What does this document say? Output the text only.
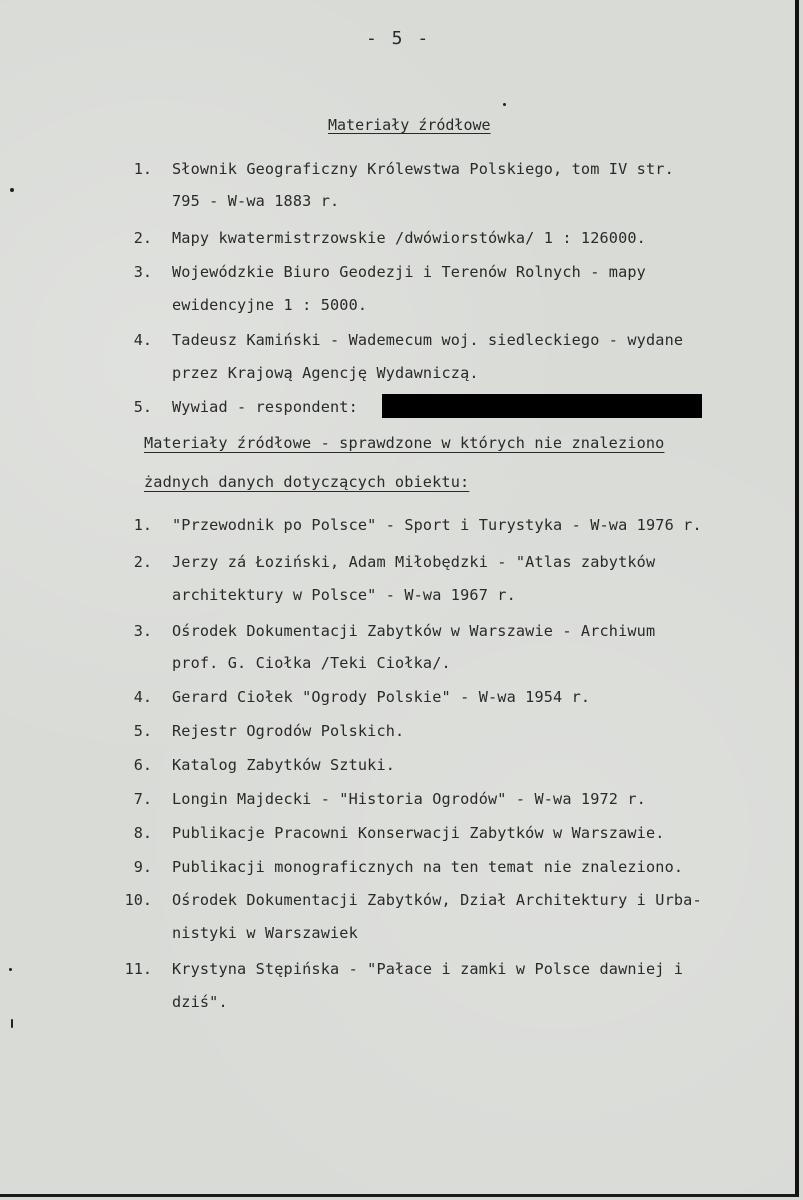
- 5 -
Materiały źródłowe
1. Słownik Geograficzny Królewstwa Polskiego, tom IV str.
795 - W-wa 1883 r.
2. Mapy kwatermistrzowskie /dwówiorstówka/ 1 : 126000.
3. Wojewódzkie Biuro Geodezji i Terenów Rolnych - mapy
ewidencyjne 1 : 5000.
4. Tadeusz Kamiński - Wademecum woj. siedleckiego - wydane
przez Krajową Agencję Wydawniczą.
5. Wywiad - respondent:
Materiały źródłowe - sprawdzone w których nie znaleziono
żadnych danych dotyczących obiektu:
1. "Przewodnik po Polsce" - Sport i Turystyka - W-wa 1976 r.
2. Jerzy zá Łoziński, Adam Miłobędzki - "Atlas zabytków
architektury w Polsce" - W-wa 1967 r.
3. Ośrodek Dokumentacji Zabytków w Warszawie - Archiwum
prof. G. Ciołka /Teki Ciołka/.
4. Gerard Ciołek "Ogrody Polskie" - W-wa 1954 r.
5. Rejestr Ogrodów Polskich.
6. Katalog Zabytków Sztuki.
7. Longin Majdecki - "Historia Ogrodów" - W-wa 1972 r.
8. Publikacje Pracowni Konserwacji Zabytków w Warszawie.
9. Publikacji monograficznych na ten temat nie znaleziono.
10. Ośrodek Dokumentacji Zabytków, Dział Architektury i Urba-
nistyki w Warszawiek
11. Krystyna Stępińska - "Pałace i zamki w Polsce dawniej i
dziś".
